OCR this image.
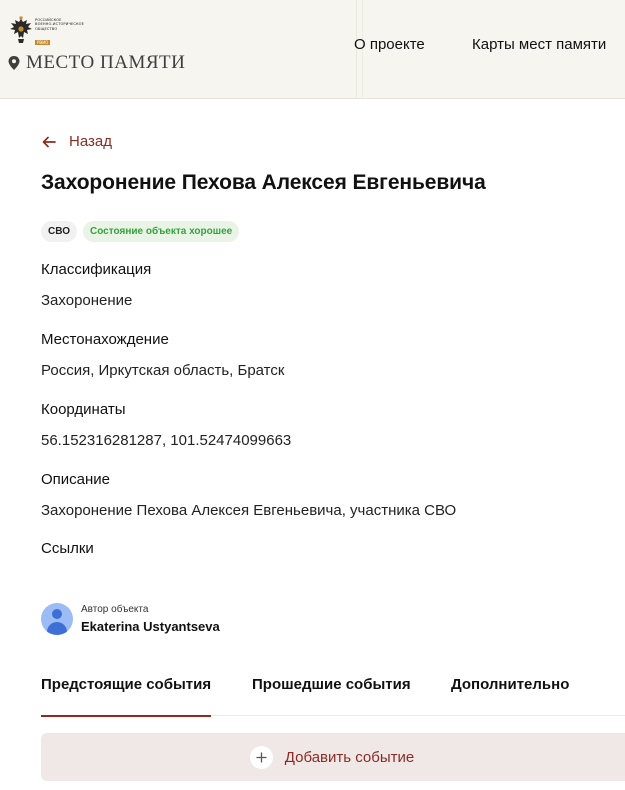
РОССИЙСКОЕ
ВОЕННО-ИСТОРИЧЕСКОЕ
ОБЩЕСТВО
РВИО
МЕСТО ПАМЯТИ
О проекте	Карты мест памяти
Назад
Захоронение Пехова Алексея Евгеньевича
СВО	Состояние объекта хорошее
Классификация
Захоронение
Местонахождение
Россия, Иркутская область, Братск
Координаты
56.152316281287, 101.52474099663
Описание
Захоронение Пехова Алексея Евгеньевича, участника СВО
Ссылки
Автор объекта
Ekaterina Ustyantseva
Предстоящие события	Прошедшие события	Дополнительно
Добавить событие
